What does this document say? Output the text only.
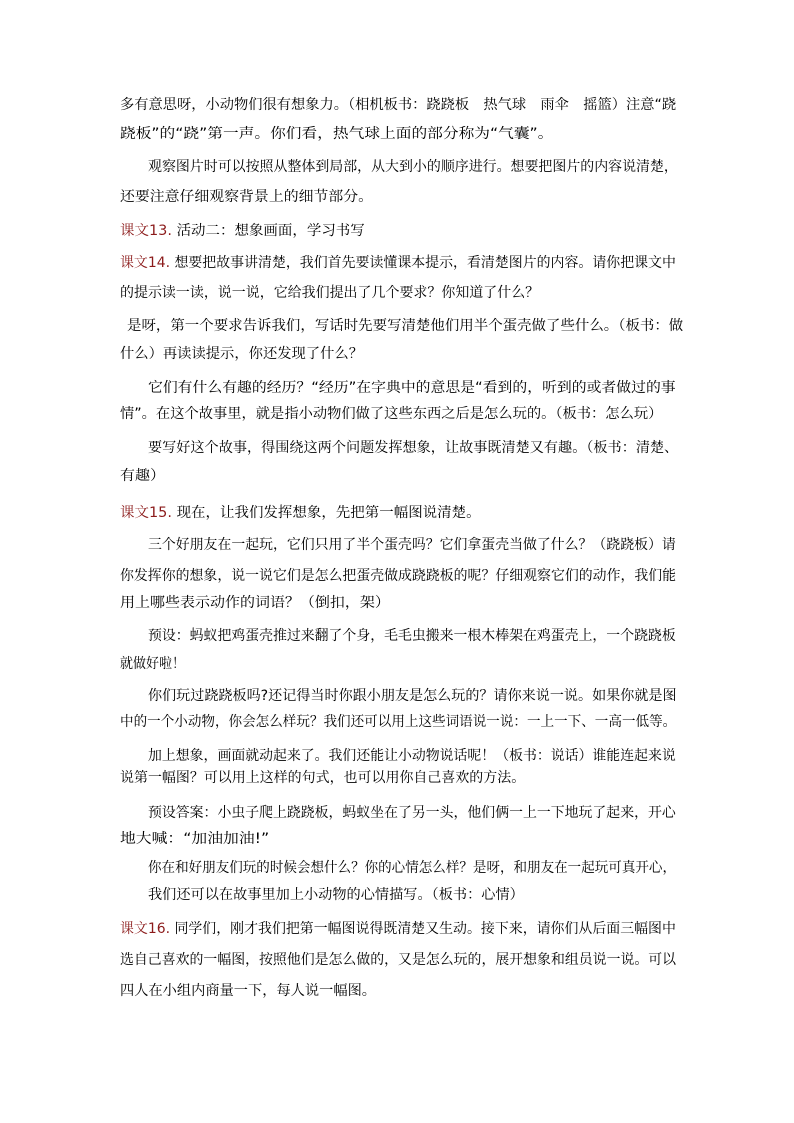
多有意思呀，小动物们很有想象力。（相机板书：跷跷板　热气球　雨伞　摇篮）注意“跷
跷板”的“跷”第一声。你们看，热气球上面的部分称为“气囊”。
观察图片时可以按照从整体到局部，从大到小的顺序进行。想要把图片的内容说清楚，
还要注意仔细观察背景上的细节部分。
课文13. 活动二：想象画面，学习书写
课文14. 想要把故事讲清楚，我们首先要读懂课本提示，看清楚图片的内容。请你把课文中
的提示读一读，说一说，它给我们提出了几个要求？你知道了什么？
是呀，第一个要求告诉我们，写话时先要写清楚他们用半个蛋壳做了些什么。（板书：做
什么）再读读提示，你还发现了什么？
它们有什么有趣的经历？“经历”在字典中的意思是“看到的，听到的或者做过的事
情”。在这个故事里，就是指小动物们做了这些东西之后是怎么玩的。（板书：怎么玩）
要写好这个故事，得围绕这两个问题发挥想象，让故事既清楚又有趣。（板书：清楚、
有趣）
课文15. 现在，让我们发挥想象，先把第一幅图说清楚。
三个好朋友在一起玩，它们只用了半个蛋壳吗？它们拿蛋壳当做了什么？（跷跷板）请
你发挥你的想象，说一说它们是怎么把蛋壳做成跷跷板的呢？仔细观察它们的动作，我们能
用上哪些表示动作的词语？（倒扣，架）
预设：蚂蚁把鸡蛋壳推过来翻了个身，毛毛虫搬来一根木棒架在鸡蛋壳上，一个跷跷板
就做好啦！
你们玩过跷跷板吗?还记得当时你跟小朋友是怎么玩的？请你来说一说。如果你就是图
中的一个小动物，你会怎么样玩？我们还可以用上这些词语说一说：一上一下、一高一低等。
加上想象，画面就动起来了。我们还能让小动物说话呢！（板书：说话）谁能连起来说
说第一幅图？可以用上这样的句式，也可以用你自己喜欢的方法。
预设答案：小虫子爬上跷跷板，蚂蚁坐在了另一头，他们俩一上一下地玩了起来，开心
地大喊：“加油加油!”
你在和好朋友们玩的时候会想什么？你的心情怎么样？是呀，和朋友在一起玩可真开心，
我们还可以在故事里加上小动物的心情描写。（板书：心情）
课文16. 同学们，刚才我们把第一幅图说得既清楚又生动。接下来，请你们从后面三幅图中
选自己喜欢的一幅图，按照他们是怎么做的，又是怎么玩的，展开想象和组员说一说。可以
四人在小组内商量一下，每人说一幅图。
